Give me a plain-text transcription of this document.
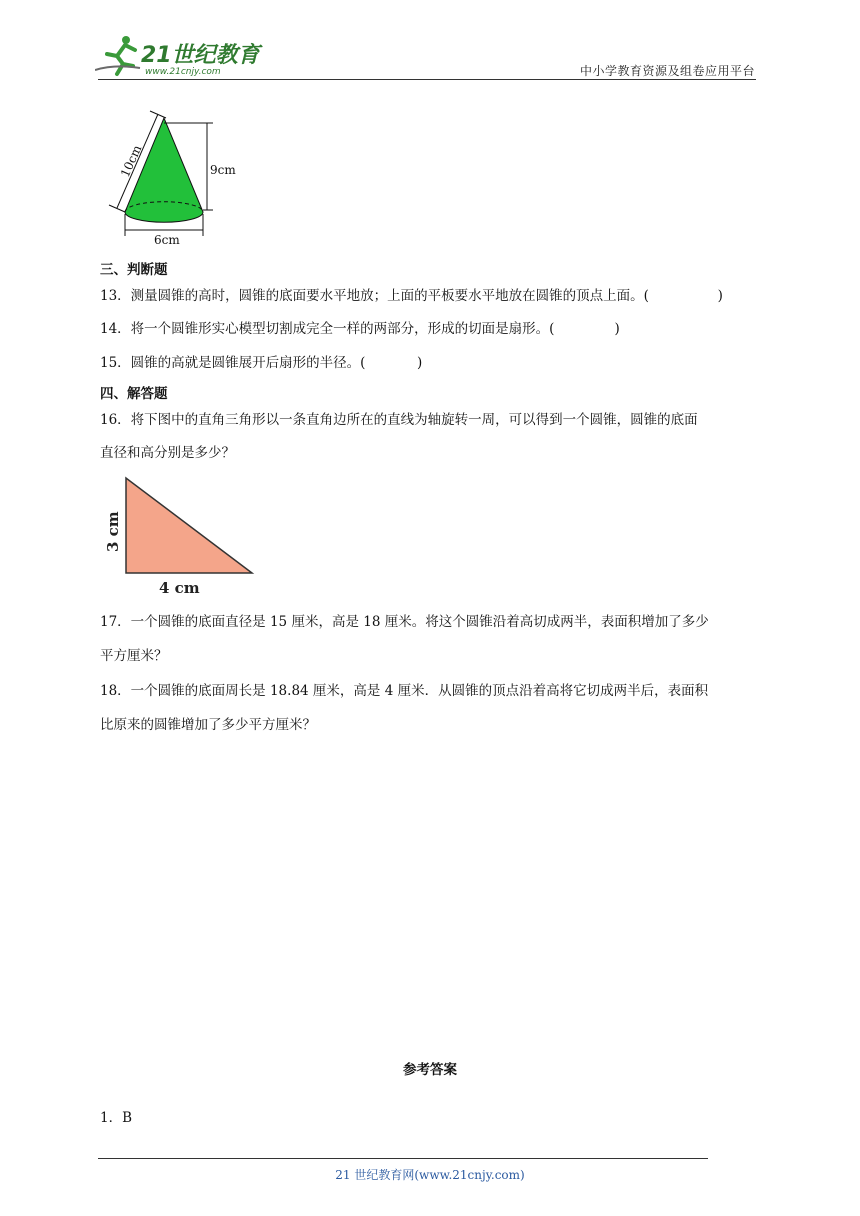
21世纪教育
www.21cnjy.com	中小学教育资源及组卷应用平台
10cm	9cm
6cm
三、判断题
13．测量圆锥的高时，圆锥的底面要水平地放；上面的平板要水平地放在圆锥的顶点上面。(                )
14．将一个圆锥形实心模型切割成完全一样的两部分，形成的切面是扇形。(              )
15．圆锥的高就是圆锥展开后扇形的半径。(            )
四、解答题
16．将下图中的直角三角形以一条直角边所在的直线为轴旋转一周，可以得到一个圆锥，圆锥的底面
直径和高分别是多少？
3 cm
4 cm
17．一个圆锥的底面直径是 15 厘米，高是 18 厘米。将这个圆锥沿着高切成两半，表面积增加了多少
平方厘米？
18．一个圆锥的底面周长是 18.84 厘米，高是 4 厘米．从圆锥的顶点沿着高将它切成两半后，表面积
比原来的圆锥增加了多少平方厘米？
参考答案
1．B
21 世纪教育网(www.21cnjy.com)
